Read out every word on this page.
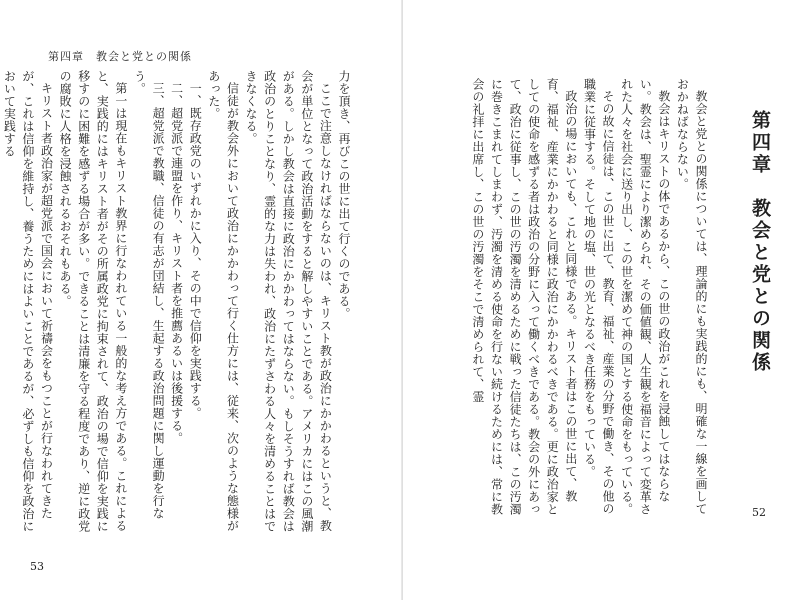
第四章　教会と党との関係

力を頂き、再びこの世に出て行くのである。

ここで注意しなければならないのは、キリスト教が政治にかかわるというと、教会が単位となって政治活動をすると解しやすいことである。アメリカにはこの風潮がある。しかし教会は直接に政治にかかわってはならない。もしそうすれば教会は政治のとりことなり、霊的な力は失われ、政治にたずさわる人々を清めることはできなくなる。

信徒が教会外において政治にかかわって行く仕方には、従来、次のような態様があった。

一、既存政党のいずれかに入り、その中で信仰を実践する。

二、超党派で連盟を作り、キリスト者を推薦あるいは後援する。

三、超党派で教職、信徒の有志が団結し、生起する政治問題に関し運動を行なう。

第一は現在もキリスト教界に行なわれている一般的な考え方である。これによると、実践的にはキリスト者がその所属政党に拘束されて、政治の場で信仰を実践に移すのに困難を感ずる場合が多い。できることは清廉を守る程度であり、逆に政党の腐敗に人格を浸蝕されるおそれもある。

キリスト者政治家が超党派で国会において祈禱会をもつことが行なわれてきたが、これは信仰を維持し、養うためにはよいことであるが、必ずしも信仰を政治において実践する

53
第四章　教会と党との関係

教会と党との関係については、理論的にも実践的にも、明確な一線を画しておかねばならない。

教会はキリストの体であるから、この世の政治がこれを浸蝕してはならない。教会は、聖霊により潔められ、その価値観、人生観を福音によって変革された人々を社会に送り出し、この世を潔めて神の国とする使命をもっている。

その故に信徒は、この世に出て、教育、福祉、産業の分野で働き、その他の職業に従事する。そして地の塩、世の光となるべき任務をもっている。

政治の場においても、これと同様である。キリスト者はこの世に出て、教育、福祉、産業にかかわると同様に政治にかかわるべきである。更に政治家としての使命を感ずる者は政治の分野に入って働くべきである。教会の外にあって、政治に従事し、この世の汚濁を清めるために戦った信徒たちは、この汚濁に巻きこまれてしまわず、汚濁を清める使命を行ない続けるためには、常に教会の礼拝に出席し、この世の汚濁をそこで清められて、霊

52
